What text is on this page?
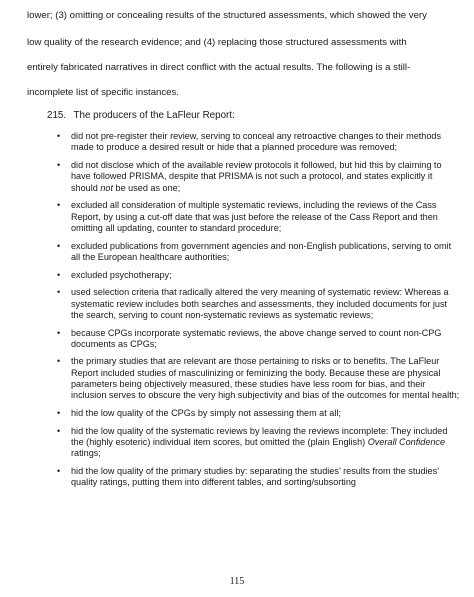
lower; (3) omitting or concealing results of the structured assessments, which showed the very
low quality of the research evidence; and (4) replacing those structured assessments with
entirely fabricated narratives in direct conflict with the actual results. The following is a still-
incomplete list of specific instances.
215. The producers of the LaFleur Report:
• did not pre-register their review, serving to conceal any retroactive changes to their methods made to produce a desired result or hide that a planned procedure was removed;
• did not disclose which of the available review protocols it followed, but hid this by claiming to have followed PRISMA, despite that PRISMA is not such a protocol, and states explicitly it should not be used as one;
• excluded all consideration of multiple systematic reviews, including the reviews of the Cass Report, by using a cut-off date that was just before the release of the Cass Report and then omitting all updating, counter to standard procedure;
• excluded publications from government agencies and non-English publications, serving to omit all the European healthcare authorities;
• excluded psychotherapy;
• used selection criteria that radically altered the very meaning of systematic review: Whereas a systematic review includes both searches and assessments, they included documents for just the search, serving to count non-systematic reviews as systematic reviews;
• because CPGs incorporate systematic reviews, the above change served to count non-CPG documents as CPGs;
• the primary studies that are relevant are those pertaining to risks or to benefits. The LaFleur Report included studies of masculinizing or feminizing the body. Because these are physical parameters being objectively measured, these studies have less room for bias, and their inclusion serves to obscure the very high subjectivity and bias of the outcomes for mental health;
• hid the low quality of the CPGs by simply not assessing them at all;
• hid the low quality of the systematic reviews by leaving the reviews incomplete: They included the (highly esoteric) individual item scores, but omitted the (plain English) Overall Confidence ratings;
• hid the low quality of the primary studies by: separating the studies’ results from the studies’ quality ratings, putting them into different tables, and sorting/subsorting
115
